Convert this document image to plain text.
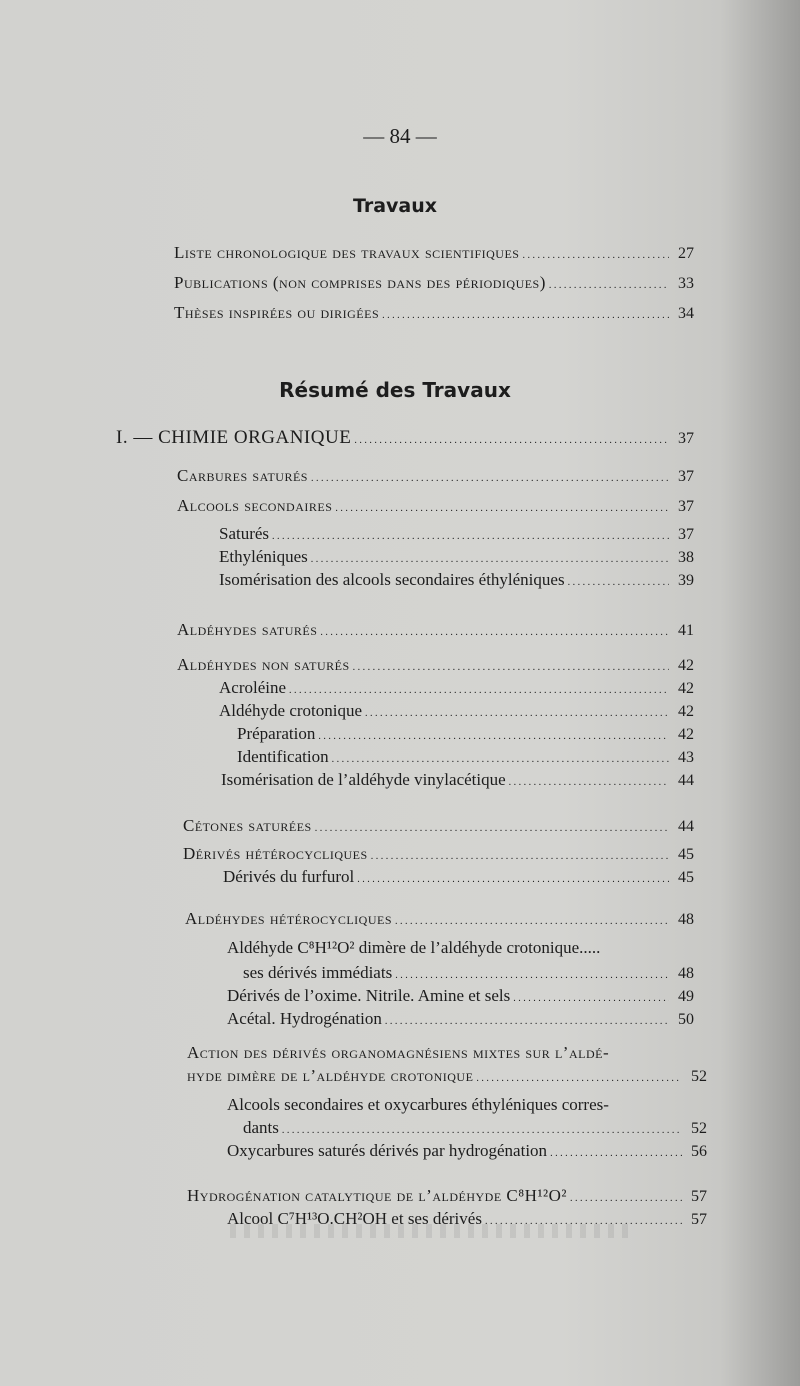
— 84 —
Travaux
Liste chronologique des travaux scientifiques . . .	27
Publications (non comprises dans des périodiques) . . .	33
Thèses inspirées ou dirigées . . .	34
Résumé des Travaux
I. — CHIMIE ORGANIQUE . . .	37
Carbures saturés . . .	37
Alcools secondaires . . .	37
Saturés . . .	37
Ethyléniques . . .	38
Isomérisation des alcools secondaires éthyléniques . . .	39
Aldéhydes saturés . . .	41
Aldéhydes non saturés . . .	42
Acroléine . . .	42
Aldéhyde crotonique . . .	42
Préparation . . .	42
Identification . . .	43
Isomérisation de l’aldéhyde vinylacétique . . .	44
Cétones saturées . . .	44
Dérivés hétérocycliques . . .	45
Dérivés du furfurol . . .	45
Aldéhydes hétérocycliques . . .	48
Aldéhyde C⁸H¹²O² dimère de l’aldéhyde crotonique.....
ses dérivés immédiats . . .	48
Dérivés de l’oxime. Nitrile. Amine et sels . . .	49
Acétal. Hydrogénation . . .	50
Action des dérivés organomagnésiens mixtes sur l’aldé-
hyde dimère de l’aldéhyde crotonique . . .	52
Alcools secondaires et oxycarbures éthyléniques corres-
dants . . .	52
Oxycarbures saturés dérivés par hydrogénation . . .	56
Hydrogénation catalytique de l’aldéhyde C⁸H¹²O² . . .	57
Alcool C⁷H¹³O.CH²OH et ses dérivés . . .	57
